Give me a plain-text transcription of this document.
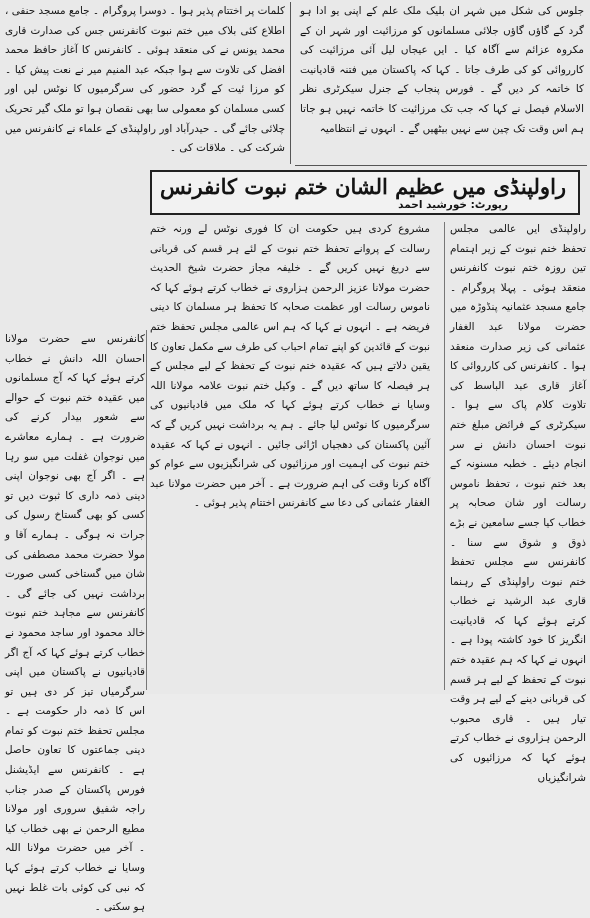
جلوس کی شکل میں شہر ان بلیک ملک علم کے اپنی یو ادا ہو گرد کے گاؤں گاؤں جلائی مسلمانوں کو مرزائیت اور شہر ان کے مکروہ عزائم سے آگاہ کیا ۔ ایں عیجاں لیل آئی مرزائیت کی کارروائی کو کی طرف جاتا ۔ کہا کہ پاکستان میں فتنہ قادیانیت کا خاتمہ کر دیں گے ۔ فورس پنجاب کے جنرل سیکرٹری نظر الاسلام فیصل نے کہا کہ جب تک مرزائیت کا خاتمہ نہیں ہو جاتا ہم اس وقت تک چین سے نہیں بیٹھیں گے ۔ انہوں نے انتظامیہ

کلمات پر اختتام پذیر ہوا ۔ دوسرا پروگرام ۔ جامع مسجد حنفی ، اطلاع کئی بلاک میں ختم نبوت کانفرنس جس کی صدارت قاری محمد یونس نے کی منعقد ہوئی ۔ کانفرنس کا آغاز حافظ محمد افضل کی تلاوت سے ہوا جبکہ عبد المنیم میر نے نعت پیش کیا ۔ کو مرزا ئیت کے گرد حضور کی سرگرمیوں کا نوٹس لیں اور کسی مسلمان کو معمولی سا بھی نقصان ہوا تو ملک گیر تحریک چلائی جائے گی ۔ حیدرآباد اور راولپنڈی کے علماء نے کانفرنس میں شرکت کی ۔ ملاقات کی ۔

راولپنڈی میں عظیم الشان ختم نبوت کانفرنس
رپورٹ: خورشید احمد

راولپنڈی ایں عالمی مجلس تحفظ ختم نبوت کے زیر اہتمام تین روزہ ختم نبوت کانفرنس منعقد ہوئی ۔ پہلا پروگرام ۔ جامع مسجد عثمانیہ پنڈوڑہ میں حضرت مولانا عبد الغفار عثمانی کی زیر صدارت منعقد ہوا ۔ کانفرنس کی کارروائی کا آغاز قاری عبد الباسط کی تلاوت کلام پاک سے ہوا ۔ سیکرٹری کے فرائض مبلغ ختم نبوت احسان دانش نے سر انجام دیئے ۔ خطبہ مسنونہ کے بعد ختم نبوت ، تحفظ ناموس رسالت اور شان صحابہ پر خطاب کیا جسے سامعین نے بڑے ذوق و شوق سے سنا ۔ کانفرنس سے مجلس تحفظ ختم نبوت راولپنڈی کے رہنما قاری عبد الرشید نے خطاب کرتے ہوئے کہا کہ قادیانیت انگریز کا خود کاشتہ پودا ہے ۔ انہوں نے کہا کہ ہم عقیدہ ختم نبوت کے تحفظ کے لیے ہر قسم کی قربانی دینے کے لیے ہر وقت تیار ہیں ۔ قاری محبوب الرحمن ہزاروی نے خطاب کرتے ہوئے کہا کہ مرزائیوں کی شرانگیزیاں

مشروع کردی ہیں حکومت ان کا فوری نوٹس لے ورنہ ختم رسالت کے پروانے تحفظ ختم نبوت کے لئے ہر قسم کی قربانی سے دریغ نہیں کریں گے ۔ خلیفہ مجاز حضرت شیخ الحدیث حضرت مولانا عزیز الرحمن ہزاروی نے خطاب کرتے ہوئے کہا کہ ناموس رسالت اور عظمت صحابہ کا تحفظ ہر مسلمان کا دینی فریضہ ہے ۔ انہوں نے کہا کہ ہم اس عالمی مجلس تحفظ ختم نبوت کے قائدین کو اپنے تمام احباب کی طرف سے مکمل تعاون کا یقین دلاتے ہیں کہ عقیدہ ختم نبوت کے تحفظ کے لیے مجلس کے ہر فیصلہ کا ساتھ دیں گے ۔ وکیل ختم نبوت علامہ مولانا اللہ وسایا نے خطاب کرتے ہوئے کہا کہ ملک میں قادیانیوں کی سرگرمیوں کا نوٹس لیا جائے ۔ ہم یہ برداشت نہیں کریں گے کہ آئین پاکستان کی دھجیاں اڑائی جائیں ۔ انہوں نے کہا کہ عقیدہ ختم نبوت کی اہمیت اور مرزائیوں کی شرانگیزیوں سے عوام کو آگاہ کرنا وقت کی اہم ضرورت ہے ۔ آخر میں حضرت مولانا عبد الغفار عثمانی کی دعا سے کانفرنس اختتام پذیر ہوئی ۔

کانفرنس سے حضرت مولانا احسان اللہ دانش نے خطاب کرتے ہوئے کہا کہ آج مسلمانوں میں عقیدہ ختم نبوت کے حوالے سے شعور بیدار کرنے کی ضرورت ہے ۔ ہمارے معاشرے میں نوجوان غفلت میں سو رہا ہے ۔ اگر آج بھی نوجوان اپنی دینی ذمہ داری کا ثبوت دیں تو کسی کو بھی گستاخ رسول کی جرات نہ ہوگی ۔ ہمارے آقا و مولا حضرت محمد مصطفی کی شان میں گستاخی کسی صورت برداشت نہیں کی جائے گی ۔ کانفرنس سے مجاہد ختم نبوت خالد محمود اور ساجد محمود نے خطاب کرتے ہوئے کہا کہ آج اگر قادیانیوں نے پاکستان میں اپنی سرگرمیاں تیز کر دی ہیں تو اس کا ذمہ دار حکومت ہے ۔ مجلس تحفظ ختم نبوت کو تمام دینی جماعتوں کا تعاون حاصل ہے ۔ کانفرنس سے ایڈیشنل فورس پاکستان کے صدر جناب راجہ شفیق سروری اور مولانا مطیع الرحمن نے بھی خطاب کیا ۔ آخر میں حضرت مولانا اللہ وسایا نے خطاب کرتے ہوئے کہا کہ نبی کی کوئی بات غلط نہیں ہو سکتی ۔
